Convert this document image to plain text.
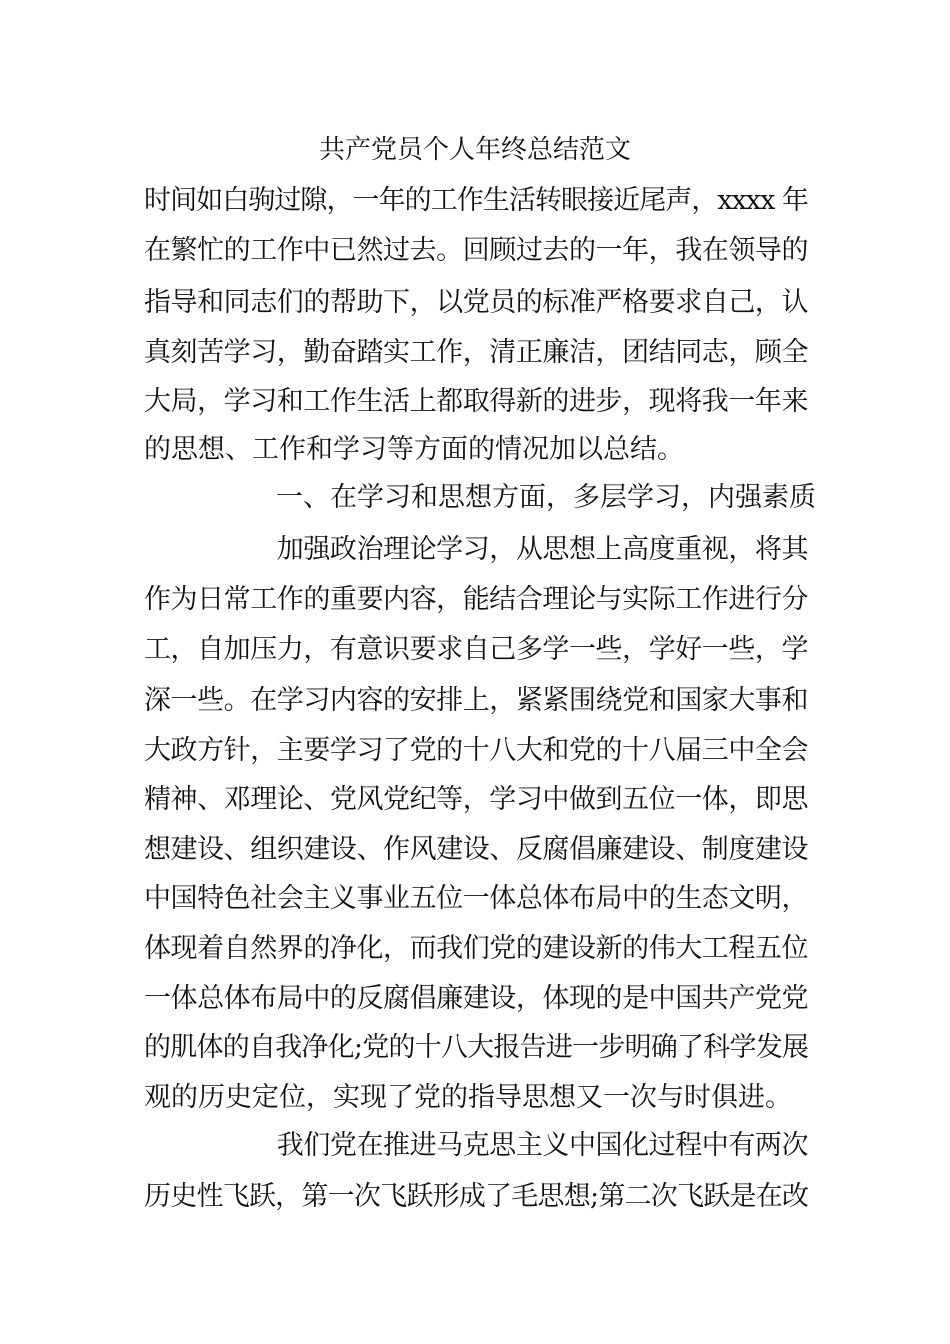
共产党员个人年终总结范文
时间如白驹过隙，一年的工作生活转眼接近尾声，xxxx 年
在繁忙的工作中已然过去。回顾过去的一年，我在领导的
指导和同志们的帮助下，以党员的标准严格要求自己，认
真刻苦学习，勤奋踏实工作，清正廉洁，团结同志，顾全
大局，学习和工作生活上都取得新的进步，现将我一年来
的思想、工作和学习等方面的情况加以总结。
一、在学习和思想方面，多层学习，内强素质
　　　　　加强政治理论学习，从思想上高度重视，将其
作为日常工作的重要内容，能结合理论与实际工作进行分
工，自加压力，有意识要求自己多学一些，学好一些，学
深一些。在学习内容的安排上，紧紧围绕党和国家大事和
大政方针，主要学习了党的十八大和党的十八届三中全会
精神、邓理论、党风党纪等，学习中做到五位一体，即思
想建设、组织建设、作风建设、反腐倡廉建设、制度建设
中国特色社会主义事业五位一体总体布局中的生态文明，
体现着自然界的净化，而我们党的建设新的伟大工程五位
一体总体布局中的反腐倡廉建设，体现的是中国共产党党
的肌体的自我净化;党的十八大报告进一步明确了科学发展
观的历史定位，实现了党的指导思想又一次与时俱进。
　　　　　我们党在推进马克思主义中国化过程中有两次
历史性飞跃，第一次飞跃形成了毛思想;第二次飞跃是在改
